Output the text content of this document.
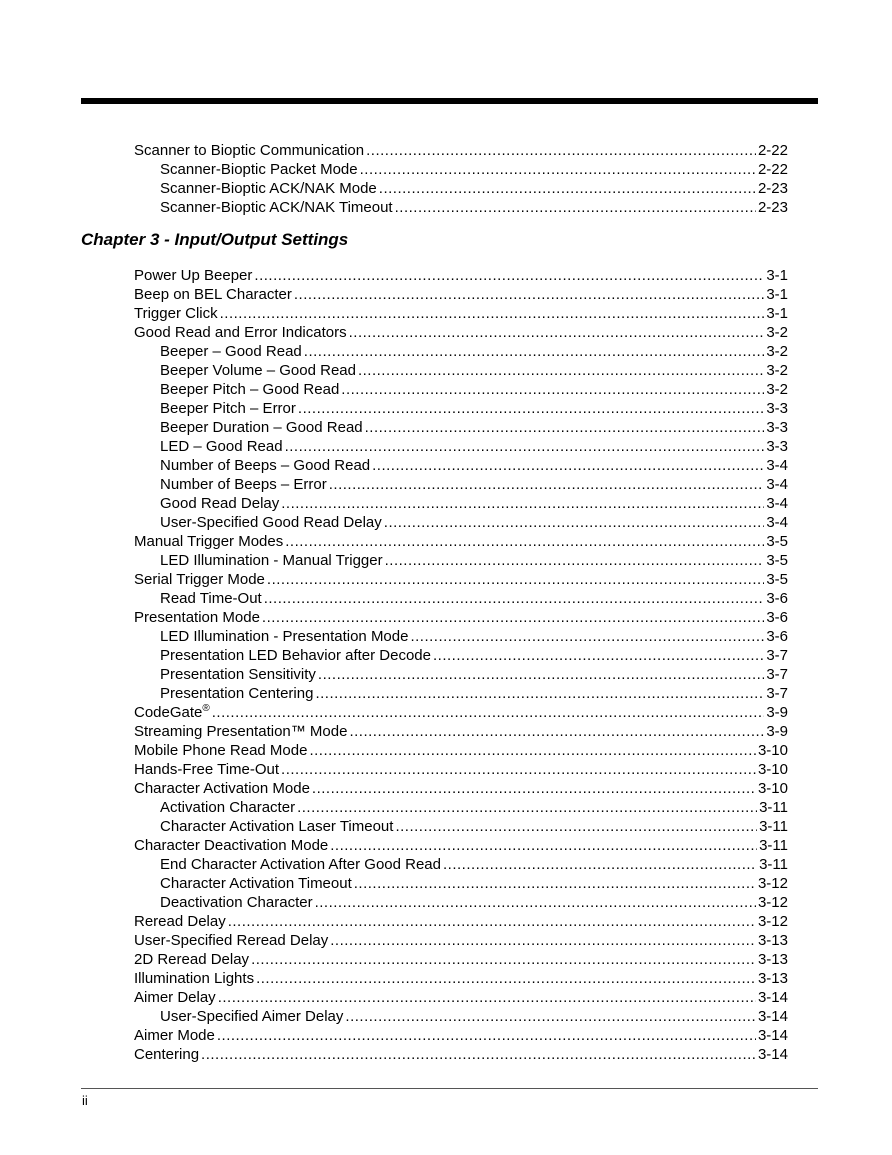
Scanner to Bioptic Communication .....	2-22
Scanner-Bioptic Packet Mode .....	2-22
Scanner-Bioptic ACK/NAK Mode .....	2-23
Scanner-Bioptic ACK/NAK Timeout .....	2-23
Chapter 3 - Input/Output Settings
Power Up Beeper .....	3-1
Beep on BEL Character .....	3-1
Trigger Click .....	3-1
Good Read and Error Indicators .....	3-2
Beeper – Good Read .....	3-2
Beeper Volume – Good Read .....	3-2
Beeper Pitch – Good Read .....	3-2
Beeper Pitch – Error .....	3-3
Beeper Duration – Good Read .....	3-3
LED – Good Read .....	3-3
Number of Beeps – Good Read .....	3-4
Number of Beeps – Error .....	3-4
Good Read Delay .....	3-4
User-Specified Good Read Delay .....	3-4
Manual Trigger Modes .....	3-5
LED Illumination - Manual Trigger .....	3-5
Serial Trigger Mode .....	3-5
Read Time-Out .....	3-6
Presentation Mode .....	3-6
LED Illumination - Presentation Mode .....	3-6
Presentation LED Behavior after Decode .....	3-7
Presentation Sensitivity .....	3-7
Presentation Centering .....	3-7
CodeGate® .....	3-9
Streaming Presentation™ Mode .....	3-9
Mobile Phone Read Mode .....	3-10
Hands-Free Time-Out .....	3-10
Character Activation Mode .....	3-10
Activation Character .....	3-11
Character Activation Laser Timeout .....	3-11
Character Deactivation Mode .....	3-11
End Character Activation After Good Read .....	3-11
Character Activation Timeout .....	3-12
Deactivation Character .....	3-12
Reread Delay .....	3-12
User-Specified Reread Delay .....	3-13
2D Reread Delay .....	3-13
Illumination Lights .....	3-13
Aimer Delay .....	3-14
User-Specified Aimer Delay .....	3-14
Aimer Mode .....	3-14
Centering .....	3-14
ii
